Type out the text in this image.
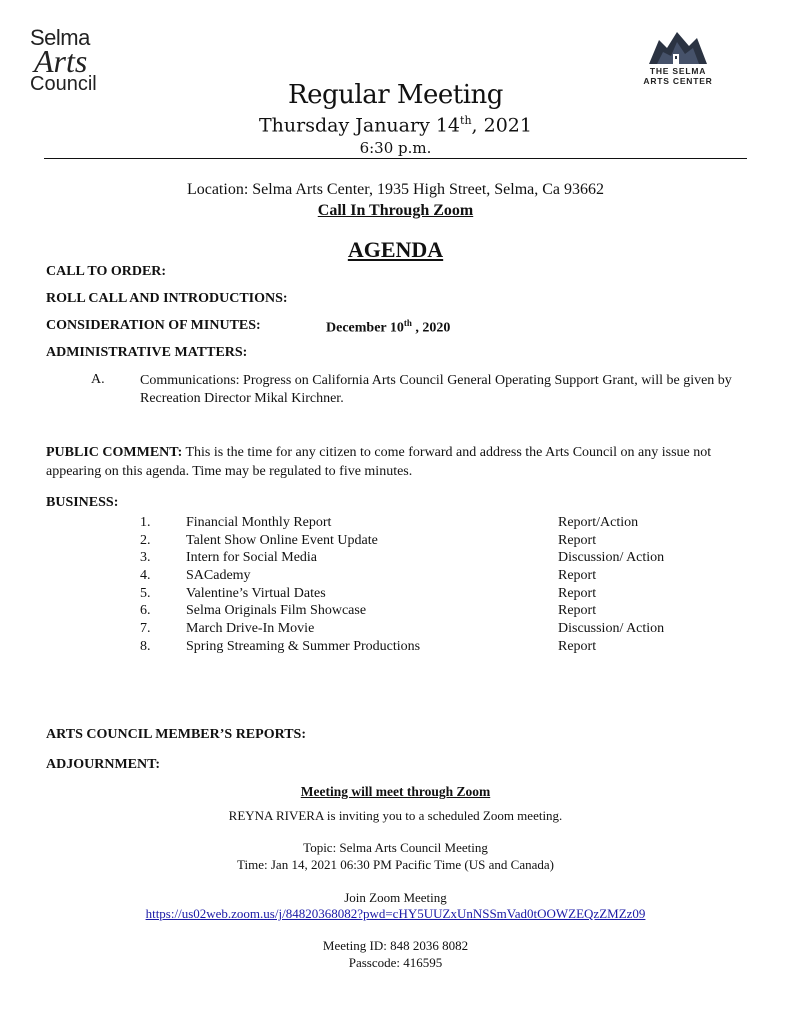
Selma
Arts
Council
THE SELMA
ARTS CENTER
Regular Meeting
Thursday January 14th, 2021
6:30 p.m.
Location: Selma Arts Center, 1935 High Street, Selma, Ca 93662
Call In Through Zoom
AGENDA
CALL TO ORDER:
ROLL CALL AND INTRODUCTIONS:
CONSIDERATION OF MINUTES:	December 10th , 2020
ADMINISTRATIVE MATTERS:
A.	Communications: Progress on California Arts Council General Operating Support Grant, will be given by Recreation Director Mikal Kirchner.
PUBLIC COMMENT: This is the time for any citizen to come forward and address the Arts Council on any issue not appearing on this agenda. Time may be regulated to five minutes.
BUSINESS:
1.	Financial Monthly Report	Report/Action
2.	Talent Show Online Event Update	Report
3.	Intern for Social Media	Discussion/ Action
4.	SACademy	Report
5.	Valentine’s Virtual Dates	Report
6.	Selma Originals Film Showcase	Report
7.	March Drive-In Movie	Discussion/ Action
8.	Spring Streaming & Summer Productions	Report
ARTS COUNCIL MEMBER’S REPORTS:
ADJOURNMENT:
Meeting will meet through Zoom
REYNA RIVERA is inviting you to a scheduled Zoom meeting.
Topic: Selma Arts Council Meeting
Time: Jan 14, 2021 06:30 PM Pacific Time (US and Canada)
Join Zoom Meeting
https://us02web.zoom.us/j/84820368082?pwd=cHY5UUZxUnNSSmVad0tOOWZEQzZMZz09
Meeting ID: 848 2036 8082
Passcode: 416595
